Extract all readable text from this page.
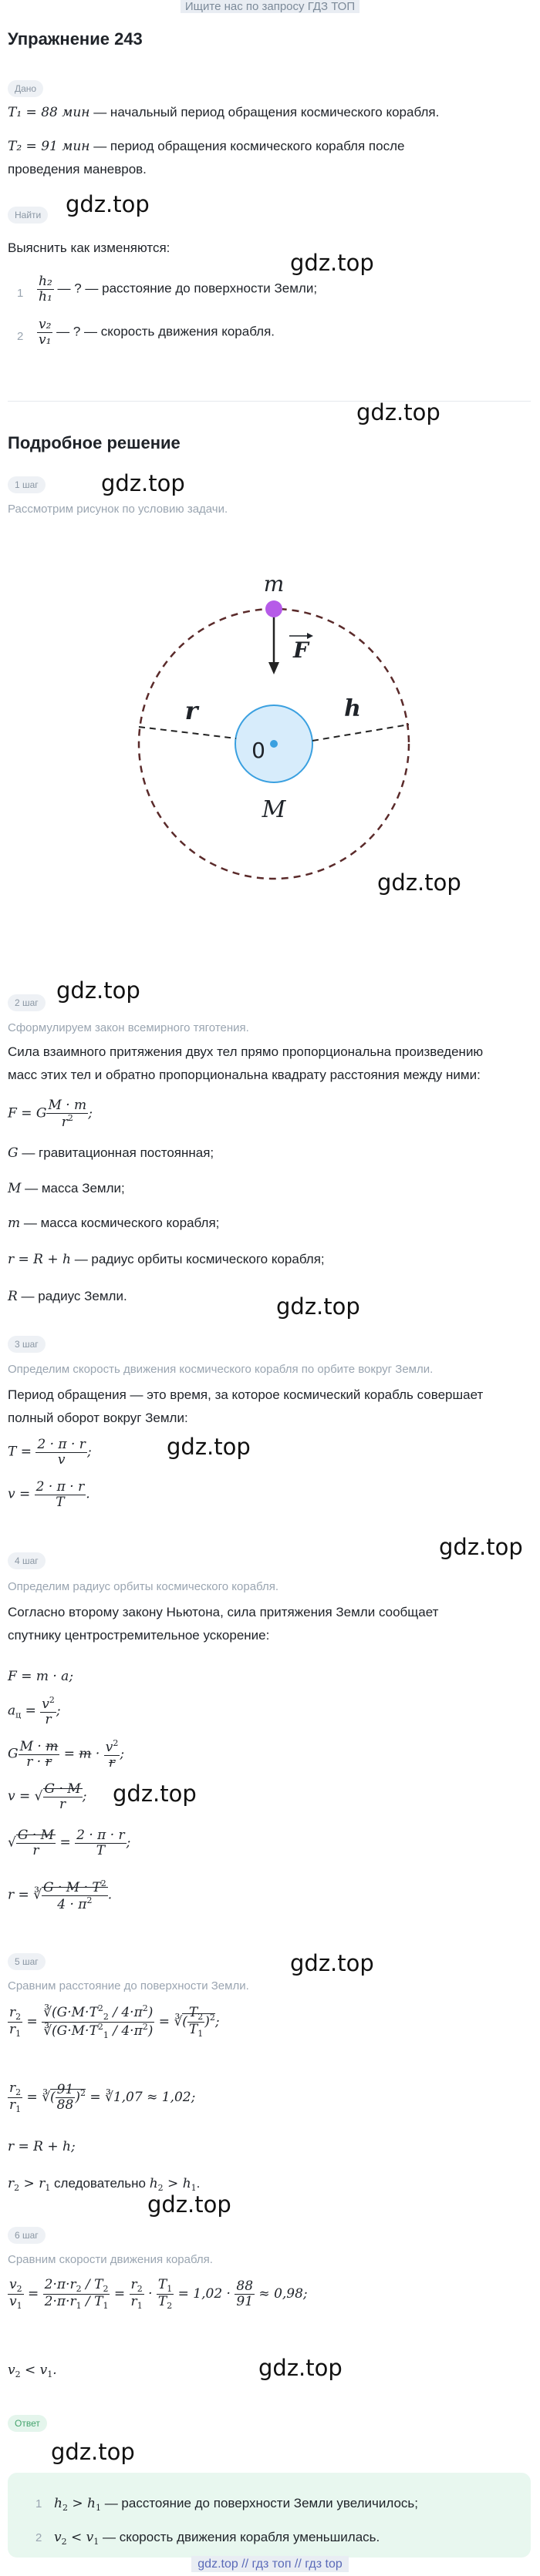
Ищите нас по запросу ГДЗ ТОП
Упражнение 243
Дано
T₁ = 88 мин — начальный период обращения космического корабля.
T₂ = 91 мин — период обращения космического корабля после
проведения маневров.
Найти	gdz.top
gdz.top
Выяснить как изменяются:
$1 \frac{\text{h₂}}{\text{h₁}}$ — ? — расстояние до поверхности Земли;
$2 \frac{\text{v₂}}{\text{v₁}}$ — ? — скорость движения корабля.
gdz.top
Подробное решение
1 шаг	gdz.top
Рассмотрим рисунок по условию задачи.
m
F
r	h
0
M
gdz.top
gdz.top
2 шаг
Сформулируем закон всемирного тяготения.
Сила взаимного притяжения двух тел прямо пропорциональна произведению
масс этих тел и обратно пропорциональна квадрату расстояния между ними:
F = G $\frac{M \cdot m}{r^2}$ ;
G — гравитационная постоянная;
M — масса Земли;
m — масса космического корабля;
r = R + h — радиус орбиты космического корабля;
R — радиус Земли.	gdz.top
3 шаг
Определим скорость движения космического корабля по орбите вокруг Земли.
Период обращения — это время, за которое космический корабль совершает
полный оборот вокруг Земли:
gdz.top
$T = \frac{2 \cdot \pi \cdot r}{v}$ ;
$v = \frac{2 \cdot \pi \cdot r}{T}$ .
gdz.top
4 шаг
Определим радиус орбиты космического корабля.
Согласно второму закону Ньютона, сила притяжения Земли сообщает
спутнику центростремительное ускорение:
F = m · a;
$a_ц = \frac{v^2}{r}$ ;
G $\frac{M \cdot m}{r \cdot r} = m \cdot \frac{v^2}{r}$ ;
v = √ $\frac{G \cdot M}{r}$ ; gdz.top
√ $\frac{G \cdot M}{r} = \frac{2 \cdot \pi \cdot r}{T}$ ;
r = ∛ $\frac{G \cdot M \cdot T^2}{4 \cdot \pi^2}$ .
gdz.top
5 шаг
Сравним расстояние до поверхности Земли.
$\frac{r_2}{r_1} = \frac{∛(G\cdot M\cdot T^2_2 / 4\cdot\pi^2)}{∛(G\cdot M\cdot T^2_1 / 4\cdot\pi^2)}$ = ∛( $\frac{T_2}{T_1} )^2$;
$\frac{r_2}{r_1}$ = ∛( $\frac{91}{88} )^2$ = ∛1,07 ≈ 1,02;
r = R + h;
$r_2 > r_1$ следовательно $h_2 > h_1$.
gdz.top
6 шаг
Сравним скорости движения корабля.
$\frac{v_2}{v_1} = \frac{2\cdot\pi\cdot r_2 / T_2}{2\cdot\pi\cdot r_1 / T_1} = \frac{r_2}{r_1} \cdot \frac{T_1}{T_2} = 1,02 \cdot \frac{88}{91} \approx 0,98$;
$v_2 < v_1$.	gdz.top
Ответ
gdz.top
1 $h_2 > h_1$ — расстояние до поверхности Земли увеличилось;
2 $v_2 < v_1$ — скорость движения корабля уменьшилась.
gdz.top // гдз топ // гдз top
